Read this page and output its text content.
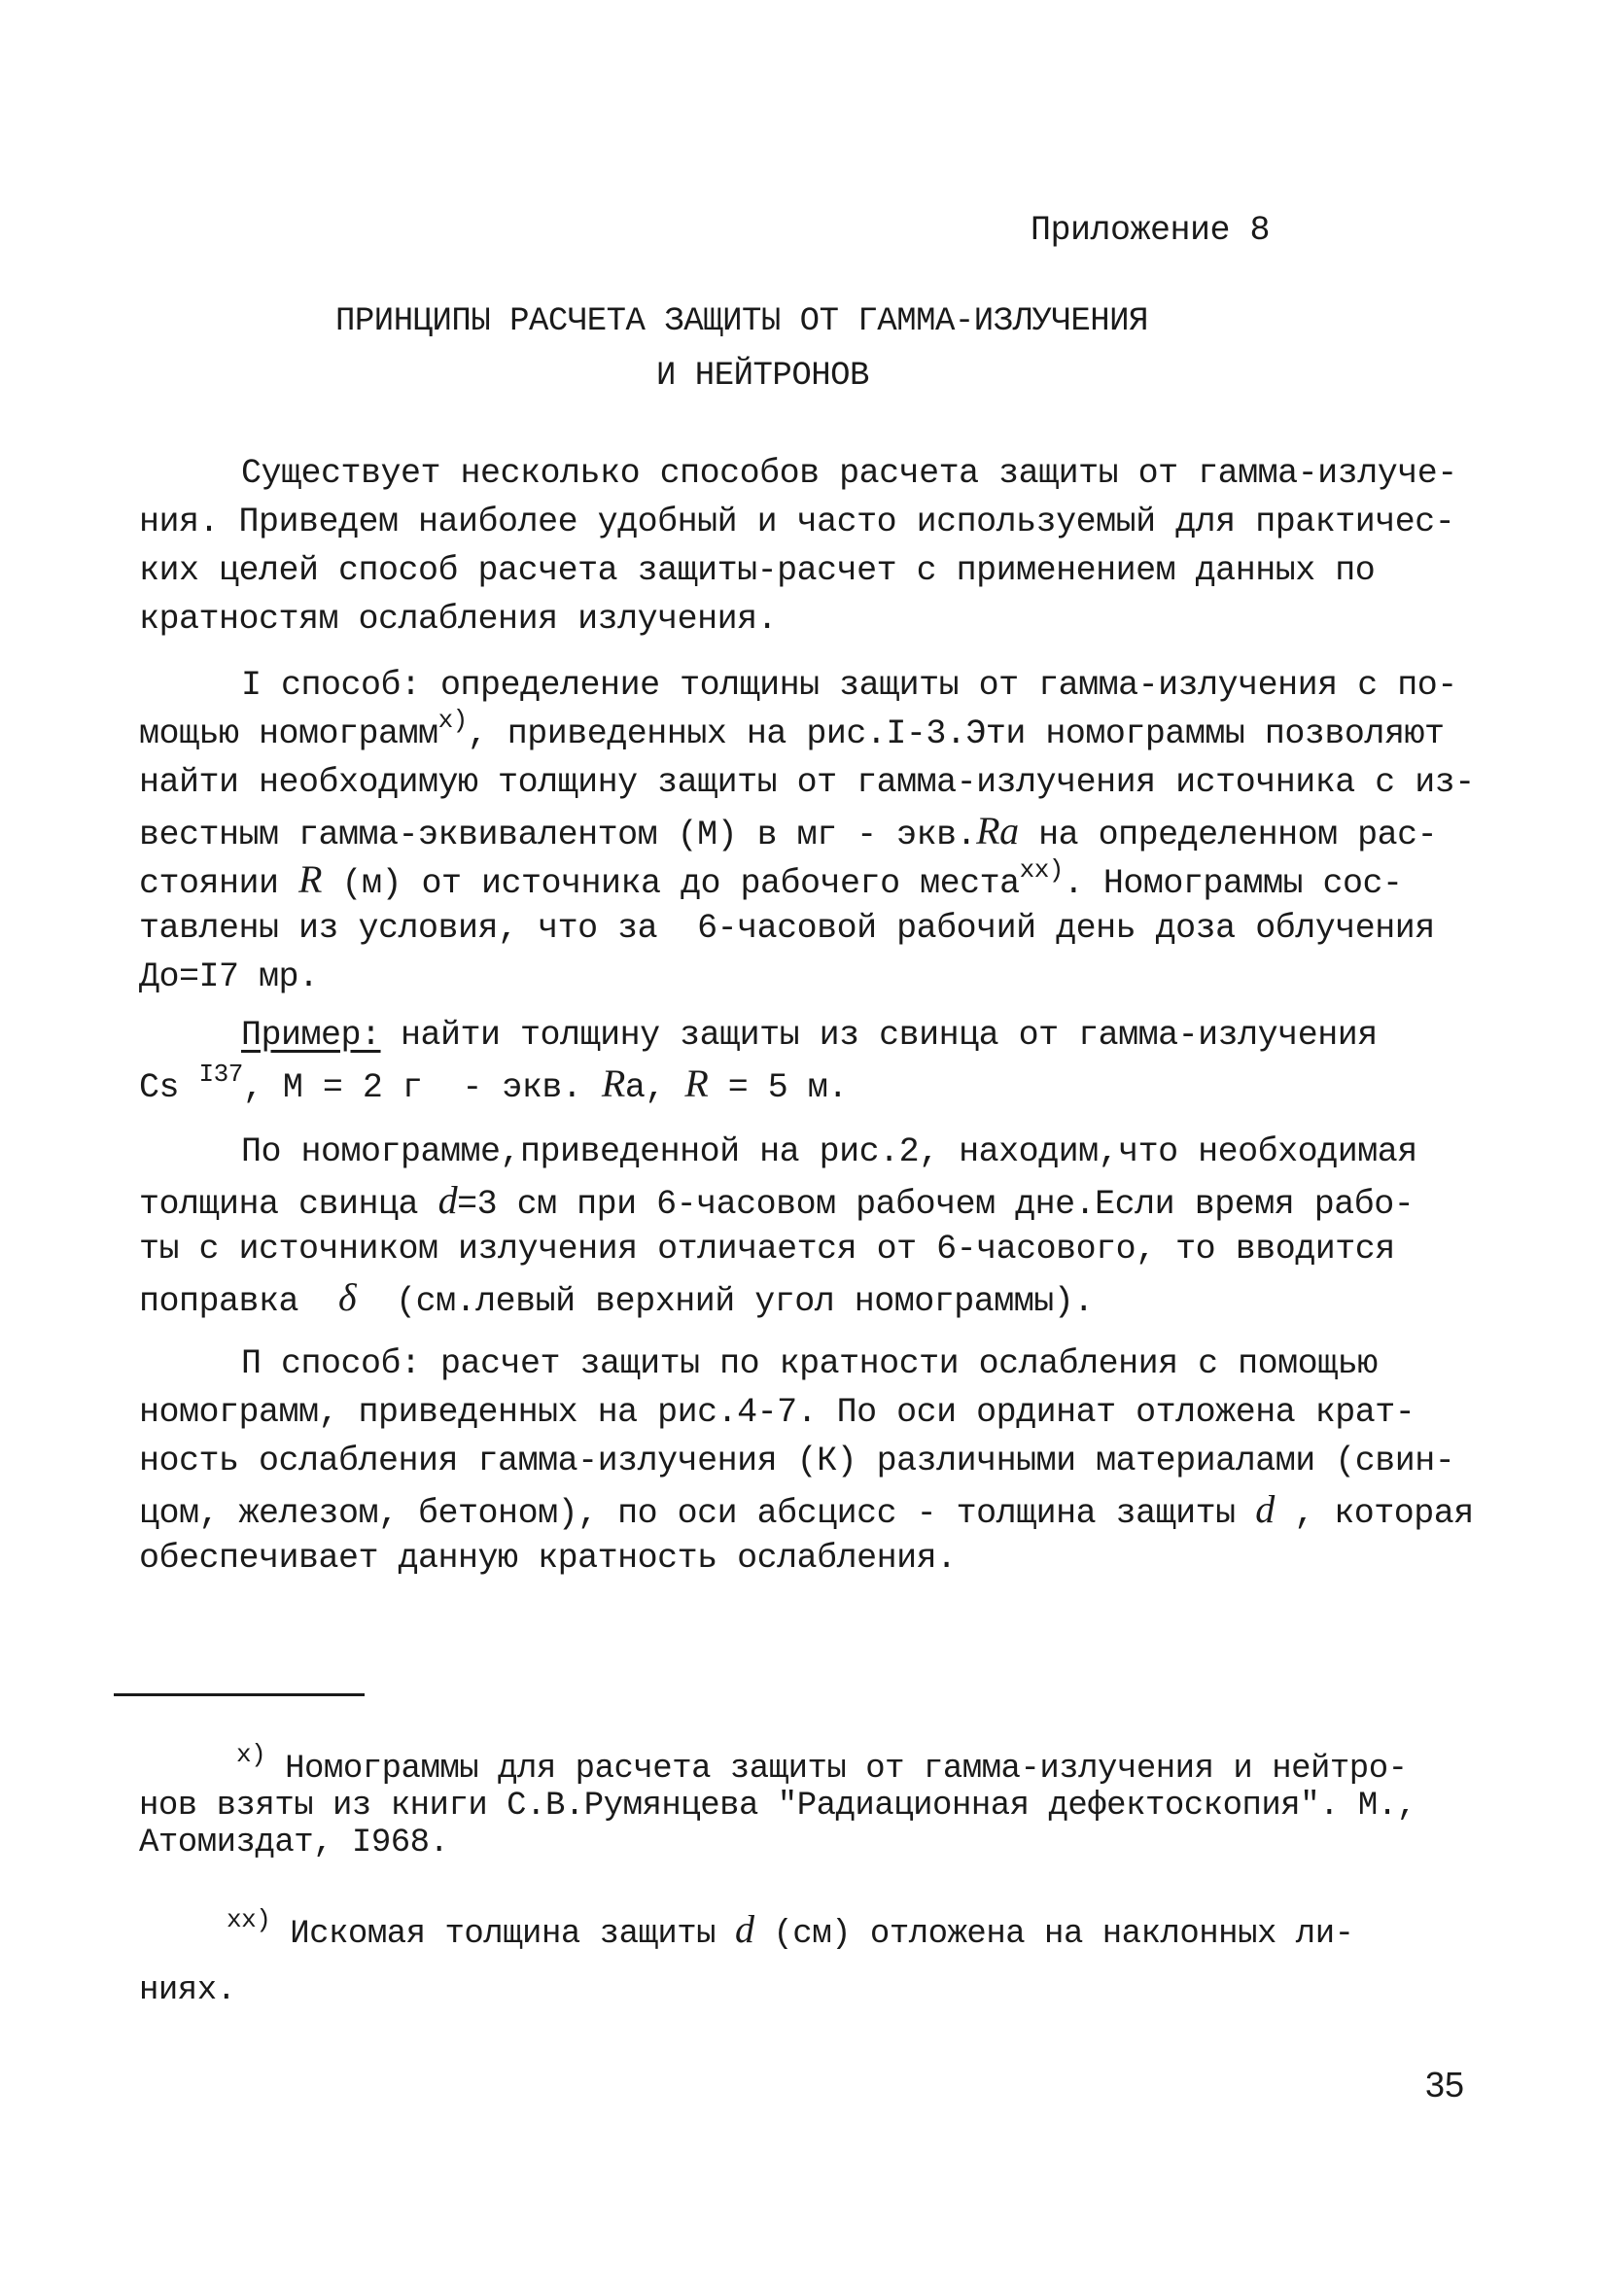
Приложение 8
ПРИНЦИПЫ РАСЧЕТА ЗАЩИТЫ ОТ ГАММА-ИЗЛУЧЕНИЯ
И НЕЙТРОНОВ
Существует несколько способов расчета защиты от гамма-излуче-
ния. Приведем наиболее удобный и часто используемый для практичес-
ких целей способ расчета защиты-расчет с применением данных по
кратностям ослабления излучения.
I способ: определение толщины защиты от гамма-излучения с по-
мощью номограмм$^{х)}$, приведенных на рис.I-3.Эти номограммы позволяют
найти необходимую толщину защиты от гамма-излучения источника с из-
вестным гамма-эквивалентом (М) в мг - экв.Ra на определенном рас-
стоянии R (м) от источника до рабочего места$^{хх)}$. Номограммы сос-
тавлены из условия, что за  6-часовой рабочий день доза облучения
До=I7 мр.
Пример: найти толщину защиты из свинца от гамма-излучения
Cs $^{I37}$, М = 2 г  - экв. Rа, R = 5 м.
По номограмме,приведенной на рис.2, находим,что необходимая
толщина свинца d=3 см при 6-часовом рабочем дне.Если время рабо-
ты с источником излучения отличается от 6-часового, то вводится
поправка  δ  (см.левый верхний угол номограммы).
П способ: расчет защиты по кратности ослабления с помощью
номограмм, приведенных на рис.4-7. По оси ординат отложена крат-
ность ослабления гамма-излучения (К) различными материалами (свин-
цом, железом, бетоном), по оси абсцисс - толщина защиты d , которая
обеспечивает данную кратность ослабления.
$^{х)}$ Номограммы для расчета защиты от гамма-излучения и нейтро-
нов взяты из книги С.В.Румянцева "Радиационная дефектоскопия". М.,
Атомиздат, I968.
$^{хх)}$ Искомая толщина защиты d (см) отложена на наклонных ли-
ниях.
35
